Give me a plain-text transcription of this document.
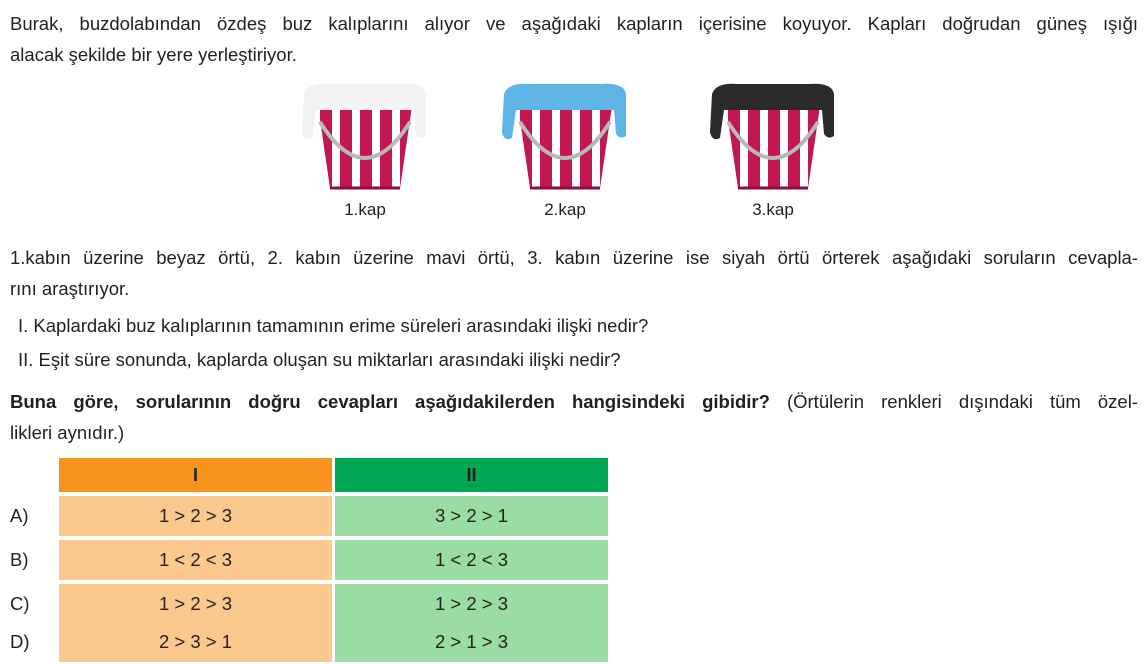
Burak, buzdolabından özdeş buz kalıplarını alıyor ve aşağıdaki kapların içerisine koyuyor. Kapları doğrudan güneş ışığı
alacak şekilde bir yere yerleştiriyor.
1.kap	2.kap	3.kap
1.kabın üzerine beyaz örtü, 2. kabın üzerine mavi örtü, 3. kabın üzerine ise siyah örtü örterek aşağıdaki soruların cevapla-
rını araştırıyor.
I. Kaplardaki buz kalıplarının tamamının erime süreleri arasındaki ilişki nedir?
II. Eşit süre sonunda, kaplarda oluşan su miktarları arasındaki ilişki nedir?
Buna göre, sorularının doğru cevapları aşağıdakilerden hangisindeki gibidir? (Örtülerin renkleri dışındaki tüm özel-
likleri aynıdır.)
I	II
A)	1 > 2 > 3	3 > 2 > 1
B)	1 < 2 < 3	1 < 2 < 3
C)	1 > 2 > 3	1 > 2 > 3
D)	2 > 3 > 1	2 > 1 > 3
